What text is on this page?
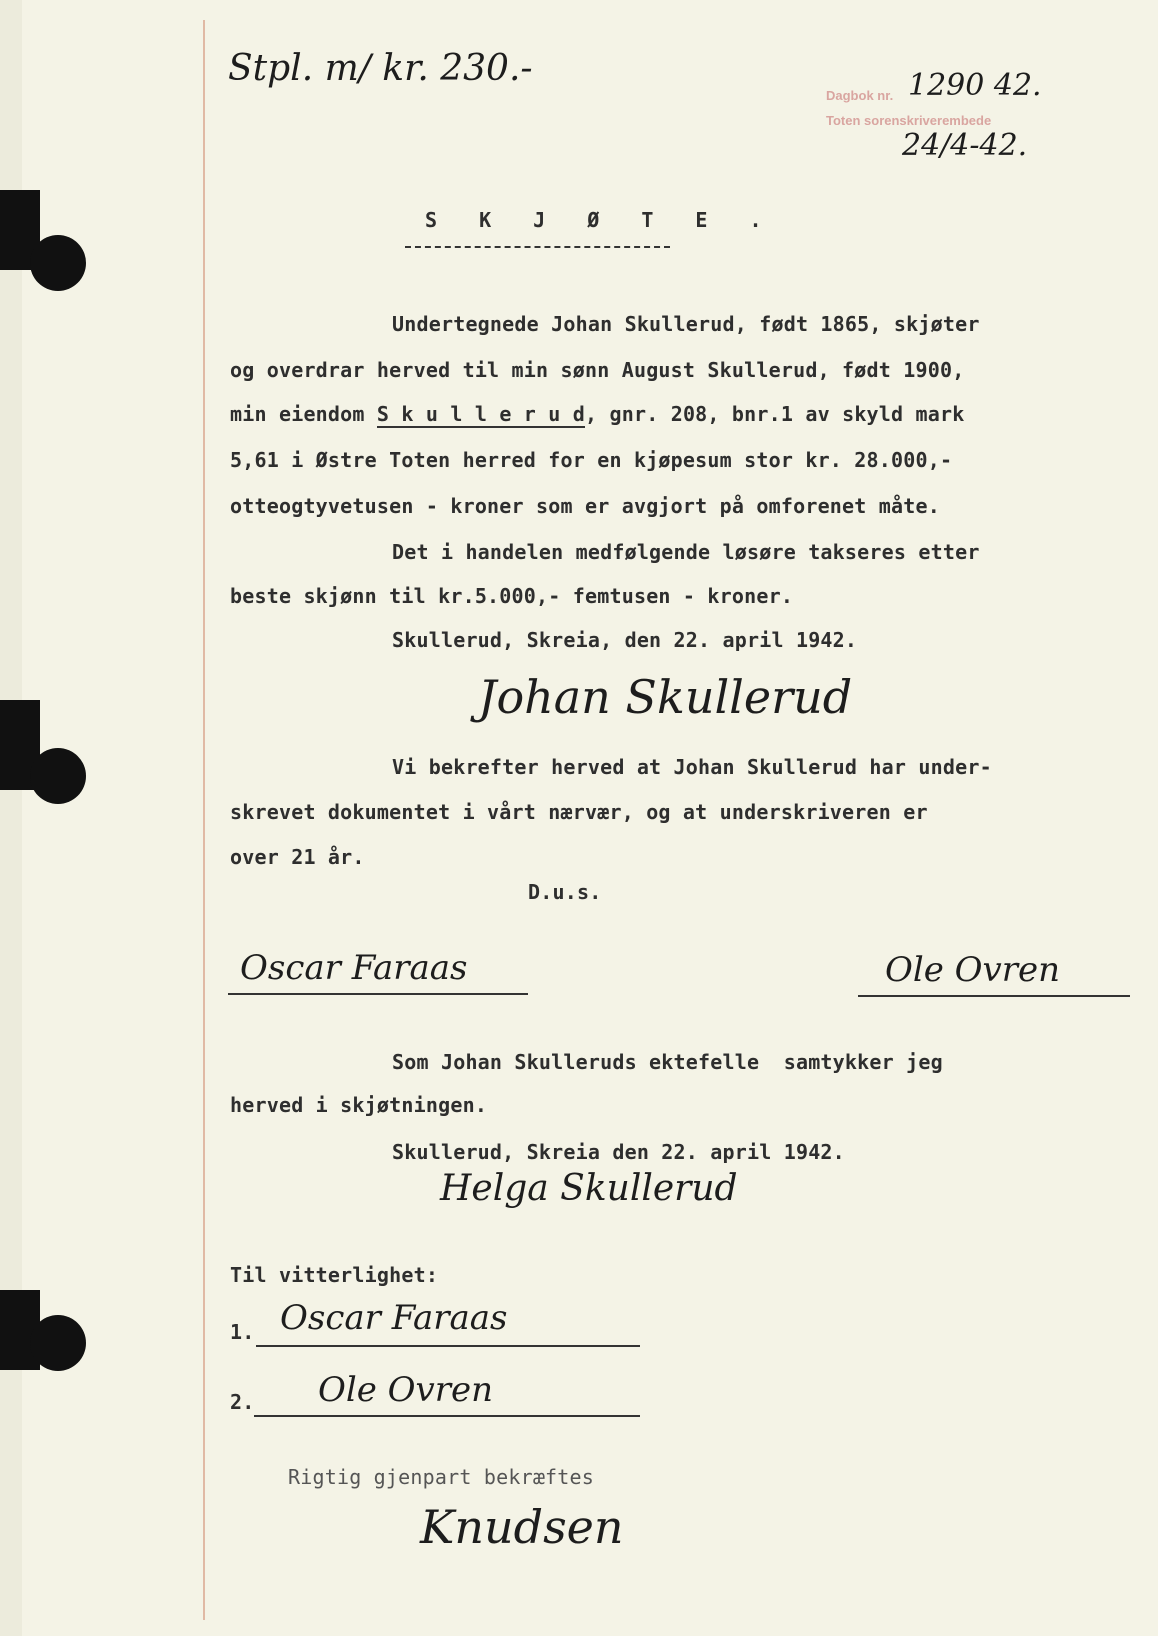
Stpl. m/ kr. 230.-
Dagbok nr.
Toten sorenskriverembede
1290 42.
24/4-42.
S K J Ø T E .
Undertegnede Johan Skullerud, født 1865, skjøter
og overdrar herved til min sønn August Skullerud, født 1900,
min eiendom S k u l l e r u d, gnr. 208, bnr.1 av skyld mark
5,61 i Østre Toten herred for en kjøpesum stor kr. 28.000,-
otteogtyvetusen - kroner som er avgjort på omforenet måte.
Det i handelen medfølgende løsøre takseres etter
beste skjønn til kr.5.000,- femtusen - kroner.
Skullerud, Skreia, den 22. april 1942.
Johan Skullerud
Vi bekrefter herved at Johan Skullerud har under-
skrevet dokumentet i vårt nærvær, og at underskriveren er
over 21 år.
D.u.s.
Oscar Faraas	Ole Ovren
Som Johan Skulleruds ektefelle  samtykker jeg
herved i skjøtningen.
Skullerud, Skreia den 22. april 1942.
Helga Skullerud
Til vitterlighet:
1. Oscar Faraas
2. Ole Ovren
Rigtig gjenpart bekræftes
Knudsen
